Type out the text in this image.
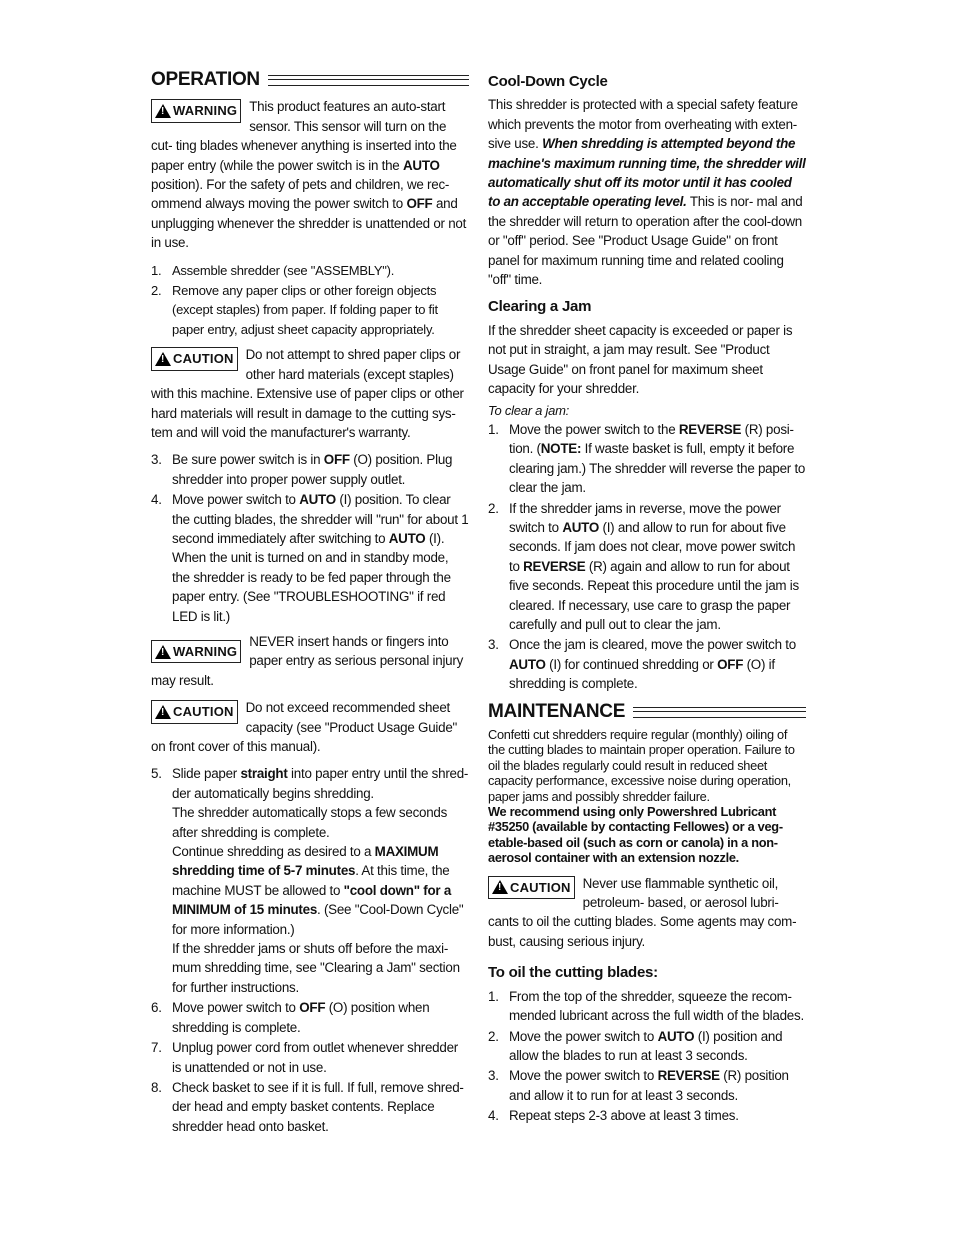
OPERATION
!
WARNING This product features an auto-start sensor. This sensor will turn on the cut- ting blades whenever anything is inserted into the paper entry (while the power switch is in the AUTO position). For the safety of pets and children, we rec- ommend always moving the power switch to OFF and unplugging whenever the shredder is unattended or not in use.
1. Assemble shredder (see "ASSEMBLY").
2. Remove any paper clips or other foreign objects (except staples) from paper. If folding paper to fit paper entry, adjust sheet capacity appropriately.
!
CAUTION Do not attempt to shred paper clips or other hard materials (except staples) with this machine. Extensive use of paper clips or other hard materials will result in damage to the cutting sys- tem and will void the manufacturer's warranty.
3. Be sure power switch is in OFF (O) position. Plug shredder into proper power supply outlet.
4. Move power switch to AUTO (I) position. To clear the cutting blades, the shredder will "run" for about 1 second immediately after switching to AUTO (I). When the unit is turned on and in standby mode, the shredder is ready to be fed paper through the paper entry. (See "TROUBLESHOOTING" if red LED is lit.)
!
WARNING
NEVER insert hands or fingers into paper entry as serious personal injury may result.
!
CAUTION Do not exceed recommended sheet capacity (see "Product Usage Guide" on front cover of this manual).
5. Slide paper straight into paper entry until the shred- der automatically begins shredding.
The shredder automatically stops a few seconds after shredding is complete.
Continue shredding as desired to a MAXIMUM shredding time of 5-7 minutes. At this time, the machine MUST be allowed to "cool down" for a MINIMUM of 15 minutes. (See "Cool-Down Cycle" for more information.)
If the shredder jams or shuts off before the maxi- mum shredding time, see "Clearing a Jam" section for further instructions.
6. Move power switch to OFF (O) position when shredding is complete.
7. Unplug power cord from outlet whenever shredder is unattended or not in use.
8. Check basket to see if it is full. If full, remove shred- der head and empty basket contents. Replace shredder head onto basket.
Cool-Down Cycle

This shredder is protected with a special safety feature which prevents the motor from overheating with exten- sive use. When shredding is attempted beyond the machine's maximum running time, the shredder will automatically shut off its motor until it has cooled to an acceptable operating level. This is nor- mal and the shredder will return to operation after the cool-down or "off" period. See "Product Usage Guide" on front panel for maximum running time and related cooling "off" time.

Clearing a Jam

If the shredder sheet capacity is exceeded or paper is not put in straight, a jam may result. See "Product Usage Guide" on front panel for maximum sheet capacity for your shredder.

To clear a jam:
1. Move the power switch to the REVERSE (R) posi- tion. (NOTE: If waste basket is full, empty it before clearing jam.) The shredder will reverse the paper to clear the jam.
2. If the shredder jams in reverse, move the power switch to AUTO (I) and allow to run for about five seconds. If jam does not clear, move power switch to REVERSE (R) again and allow to run for about five seconds. Repeat this procedure until the jam is cleared. If necessary, use care to grasp the paper carefully and pull out to clear the jam.
3. Once the jam is cleared, move the power switch to AUTO (I) for continued shredding or OFF (O) if shredding is complete.
MAINTENANCE

Confetti cut shredders require regular (monthly) oiling of the cutting blades to maintain proper operation. Failure to oil the blades regularly could result in reduced sheet capacity performance, excessive noise during operation, paper jams and possibly shredder failure.
We recommend using only Powershred Lubricant #35250 (available by contacting Fellowes) or a veg- etable-based oil (such as corn or canola) in a non- aerosol container with an extension nozzle.

!
CAUTION Never use flammable synthetic oil, petroleum- based, or aerosol lubri- cants to oil the cutting blades. Some agents may com- bust, causing serious injury.
To oil the cutting blades:
1. From the top of the shredder, squeeze the recom- mended lubricant across the full width of the blades.
2. Move the power switch to AUTO (I) position and allow the blades to run at least 3 seconds.
3. Move the power switch to REVERSE (R) position and allow it to run for at least 3 seconds.
4. Repeat steps 2-3 above at least 3 times.
